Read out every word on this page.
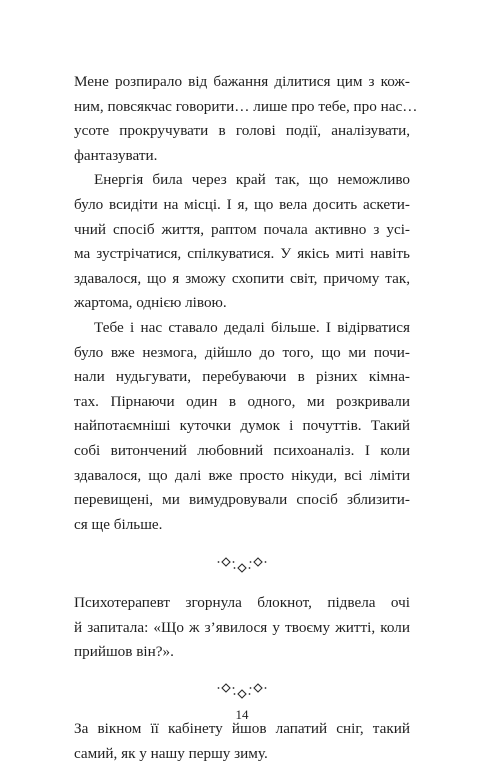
Мене розпирало від бажання ділитися цим з кож-
ним, повсякчас говорити… лише про тебе, про нас…
усоте прокручувати в голові події, аналізувати,
фантазувати.
Енергія била через край так, що неможливо
було всидіти на місці. І я, що вела досить аскети-
чний спосіб життя, раптом почала активно з усі-
ма зустрічатися, спілкуватися. У якісь миті навіть
здавалося, що я зможу схопити світ, причому так,
жартома, однією лівою.
Тебе і нас ставало дедалі більше. І відірватися
було вже незмога, дійшло до того, що ми почи-
нали нудьгувати, перебуваючи в різних кімна-
тах. Пірнаючи один в одного, ми розкривали
найпотаємніші куточки думок і почуттів. Такий
собі витончений любовний психоаналіз. І коли
здавалося, що далі вже просто нікуди, всі ліміти
перевищені, ми вимудровували спосіб зблизити-
ся ще більше.
Психотерапевт згорнула блокнот, підвела очі
й запитала: «Що ж з’явилося у твоєму житті, коли
прийшов він?».
За вікном її кабінету йшов лапатий сніг, такий
самий, як у нашу першу зиму.
14
